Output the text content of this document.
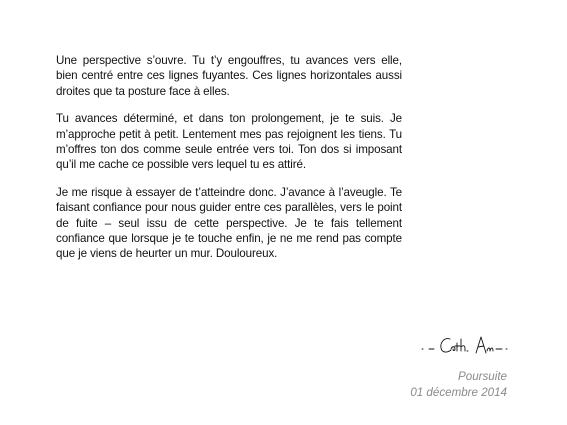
Une perspective s’ouvre. Tu t’y engouffres, tu avances vers elle, bien centré entre ces lignes fuyantes. Ces lignes horizontales aussi droites que ta posture face à elles.

Tu avances déterminé, et dans ton prolongement, je te suis. Je m’approche petit à petit. Lentement mes pas rejoignent les tiens. Tu m’offres ton dos comme seule entrée vers toi. Ton dos si imposant qu’il me cache ce possible vers lequel tu es attiré.

Je me risque à essayer de t’atteindre donc. J’avance à l’aveugle. Te faisant confiance pour nous guider entre ces parallèles, vers le point de fuite – seul issu de cette perspective. Je te fais tellement confiance que lorsque je te touche enfin, je ne me rend pas compte que je viens de heurter un mur. Douloureux.

Poursuite
01 décembre 2014
